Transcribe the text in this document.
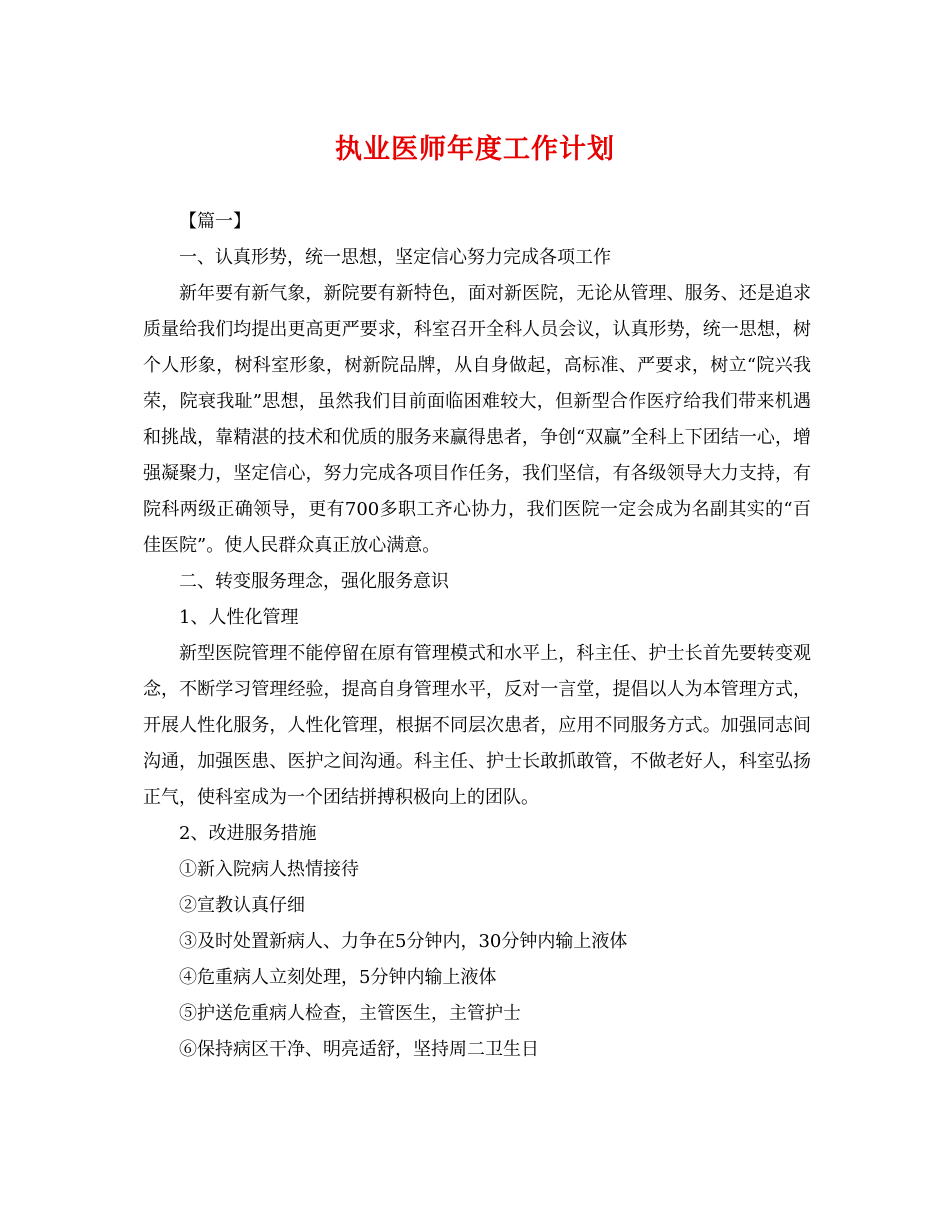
执业医师年度工作计划

【篇一】

一、认真形势，统一思想，坚定信心努力完成各项工作

新年要有新气象，新院要有新特色，面对新医院，无论从管理、服务、还是追求质量给我们均提出更高更严要求，科室召开全科人员会议，认真形势，统一思想，树个人形象，树科室形象，树新院品牌，从自身做起，高标准、严要求，树立“院兴我荣，院衰我耻”思想，虽然我们目前面临困难较大，但新型合作医疗给我们带来机遇和挑战，靠精湛的技术和优质的服务来赢得患者，争创“双赢”全科上下团结一心，增强凝聚力，坚定信心，努力完成各项目作任务，我们坚信，有各级领导大力支持，有院科两级正确领导，更有700多职工齐心协力，我们医院一定会成为名副其实的“百佳医院”。使人民群众真正放心满意。

二、转变服务理念，强化服务意识

1、人性化管理

新型医院管理不能停留在原有管理模式和水平上，科主任、护士长首先要转变观念，不断学习管理经验，提高自身管理水平，反对一言堂，提倡以人为本管理方式，开展人性化服务，人性化管理，根据不同层次患者，应用不同服务方式。加强同志间沟通，加强医患、医护之间沟通。科主任、护士长敢抓敢管，不做老好人，科室弘扬正气，使科室成为一个团结拼搏积极向上的团队。

2、改进服务措施

①新入院病人热情接待

②宣教认真仔细

③及时处置新病人、力争在5分钟内，30分钟内输上液体

④危重病人立刻处理，5分钟内输上液体

⑤护送危重病人检查，主管医生，主管护士

⑥保持病区干净、明亮适舒，坚持周二卫生日
